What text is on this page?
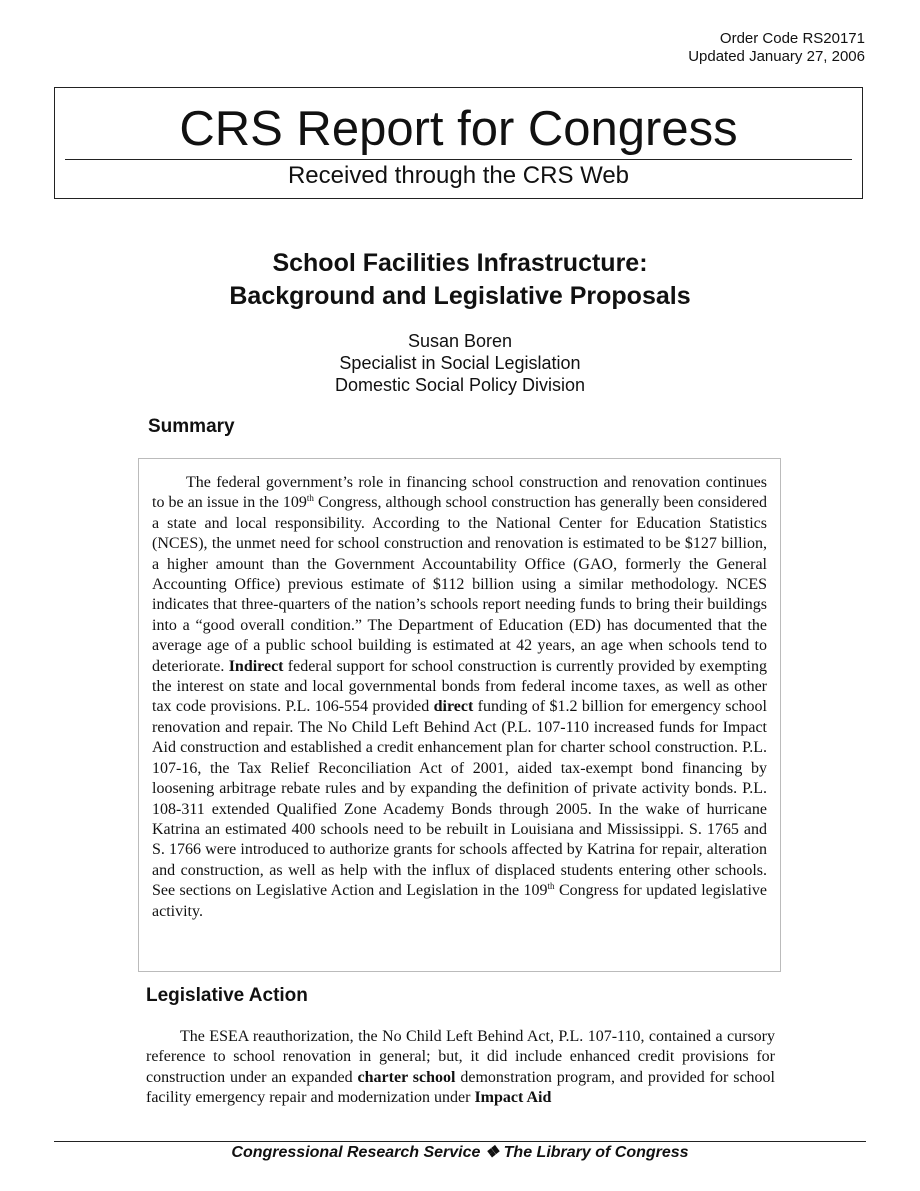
Order Code RS20171
Updated January 27, 2006
CRS Report for Congress
Received through the CRS Web
School Facilities Infrastructure:
Background and Legislative Proposals
Susan Boren
Specialist in Social Legislation
Domestic Social Policy Division
Summary
The federal government’s role in financing school construction and renovation continues to be an issue in the 109th Congress, although school construction has generally been considered a state and local responsibility. According to the National Center for Education Statistics (NCES), the unmet need for school construction and renovation is estimated to be $127 billion, a higher amount than the Government Accountability Office (GAO, formerly the General Accounting Office) previous estimate of $112 billion using a similar methodology. NCES indicates that three-quarters of the nation’s schools report needing funds to bring their buildings into a “good overall condition.” The Department of Education (ED) has documented that the average age of a public school building is estimated at 42 years, an age when schools tend to deteriorate. Indirect federal support for school construction is currently provided by exempting the interest on state and local governmental bonds from federal income taxes, as well as other tax code provisions. P.L. 106-554 provided direct funding of $1.2 billion for emergency school renovation and repair. The No Child Left Behind Act (P.L. 107-110 increased funds for Impact Aid construction and established a credit enhancement plan for charter school construction. P.L. 107-16, the Tax Relief Reconciliation Act of 2001, aided tax-exempt bond financing by loosening arbitrage rebate rules and by expanding the definition of private activity bonds. P.L. 108-311 extended Qualified Zone Academy Bonds through 2005. In the wake of hurricane Katrina an estimated 400 schools need to be rebuilt in Louisiana and Mississippi. S. 1765 and S. 1766 were introduced to authorize grants for schools affected by Katrina for repair, alteration and construction, as well as help with the influx of displaced students entering other schools. See sections on Legislative Action and Legislation in the 109th Congress for updated legislative activity.
Legislative Action
The ESEA reauthorization, the No Child Left Behind Act, P.L. 107-110, contained a cursory reference to school renovation in general; but, it did include enhanced credit provisions for construction under an expanded charter school demonstration program, and provided for school facility emergency repair and modernization under Impact Aid
Congressional Research Service ❖ The Library of Congress
